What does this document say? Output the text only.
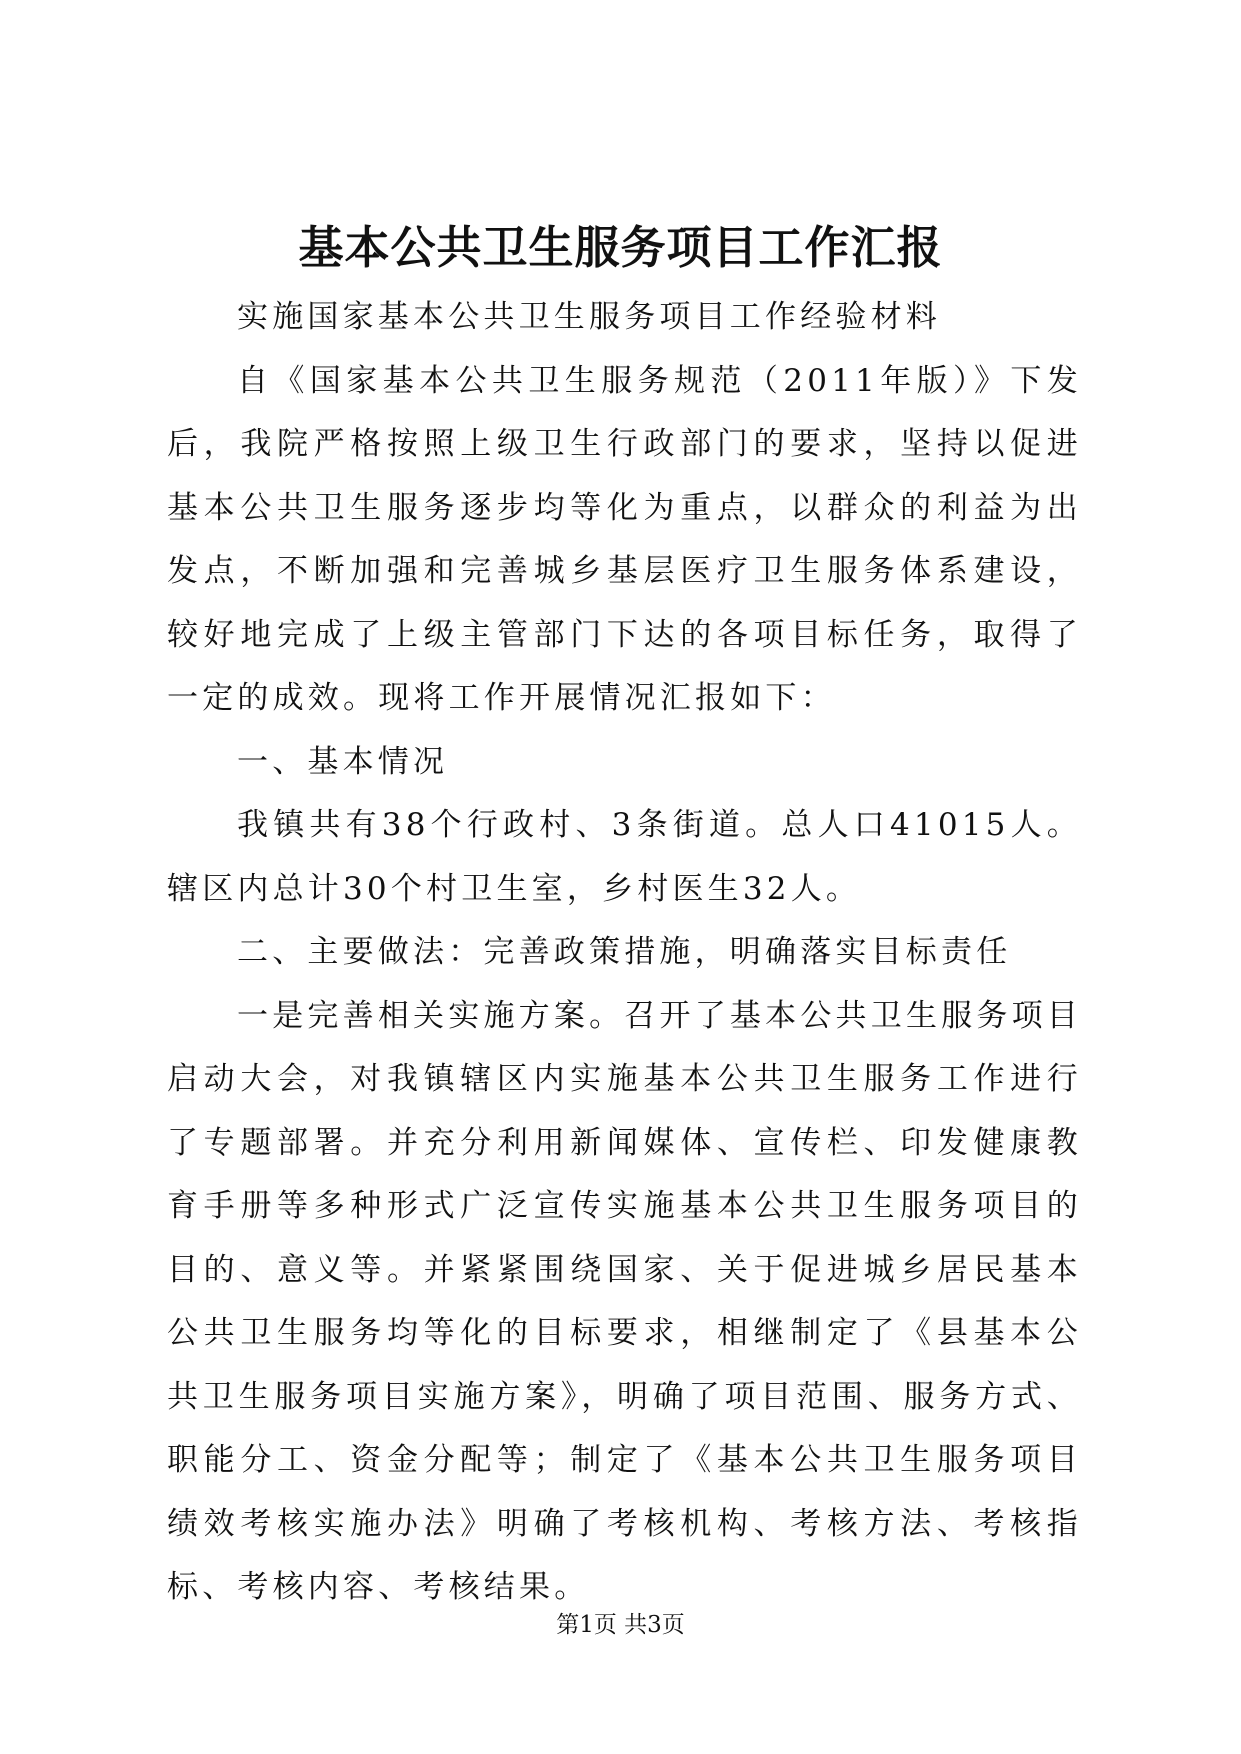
基本公共卫生服务项目工作汇报

实施国家基本公共卫生服务项目工作经验材料

自《国家基本公共卫生服务规范（2011年版）》下发后，我院严格按照上级卫生行政部门的要求，坚持以促进基本公共卫生服务逐步均等化为重点，以群众的利益为出发点，不断加强和完善城乡基层医疗卫生服务体系建设，较好地完成了上级主管部门下达的各项目标任务，取得了一定的成效。现将工作开展情况汇报如下：

一、基本情况

我镇共有38个行政村、3条街道。总人口41015人。辖区内总计30个村卫生室，乡村医生32人。

二、主要做法：完善政策措施，明确落实目标责任

一是完善相关实施方案。召开了基本公共卫生服务项目启动大会，对我镇辖区内实施基本公共卫生服务工作进行了专题部署。并充分利用新闻媒体、宣传栏、印发健康教育手册等多种形式广泛宣传实施基本公共卫生服务项目的目的、意义等。并紧紧围绕国家、关于促进城乡居民基本公共卫生服务均等化的目标要求，相继制定了《县基本公共卫生服务项目实施方案》，明确了项目范围、服务方式、职能分工、资金分配等；制定了《基本公共卫生服务项目绩效考核实施办法》明确了考核机构、考核方法、考核指标、考核内容、考核结果。

第1页 共3页
